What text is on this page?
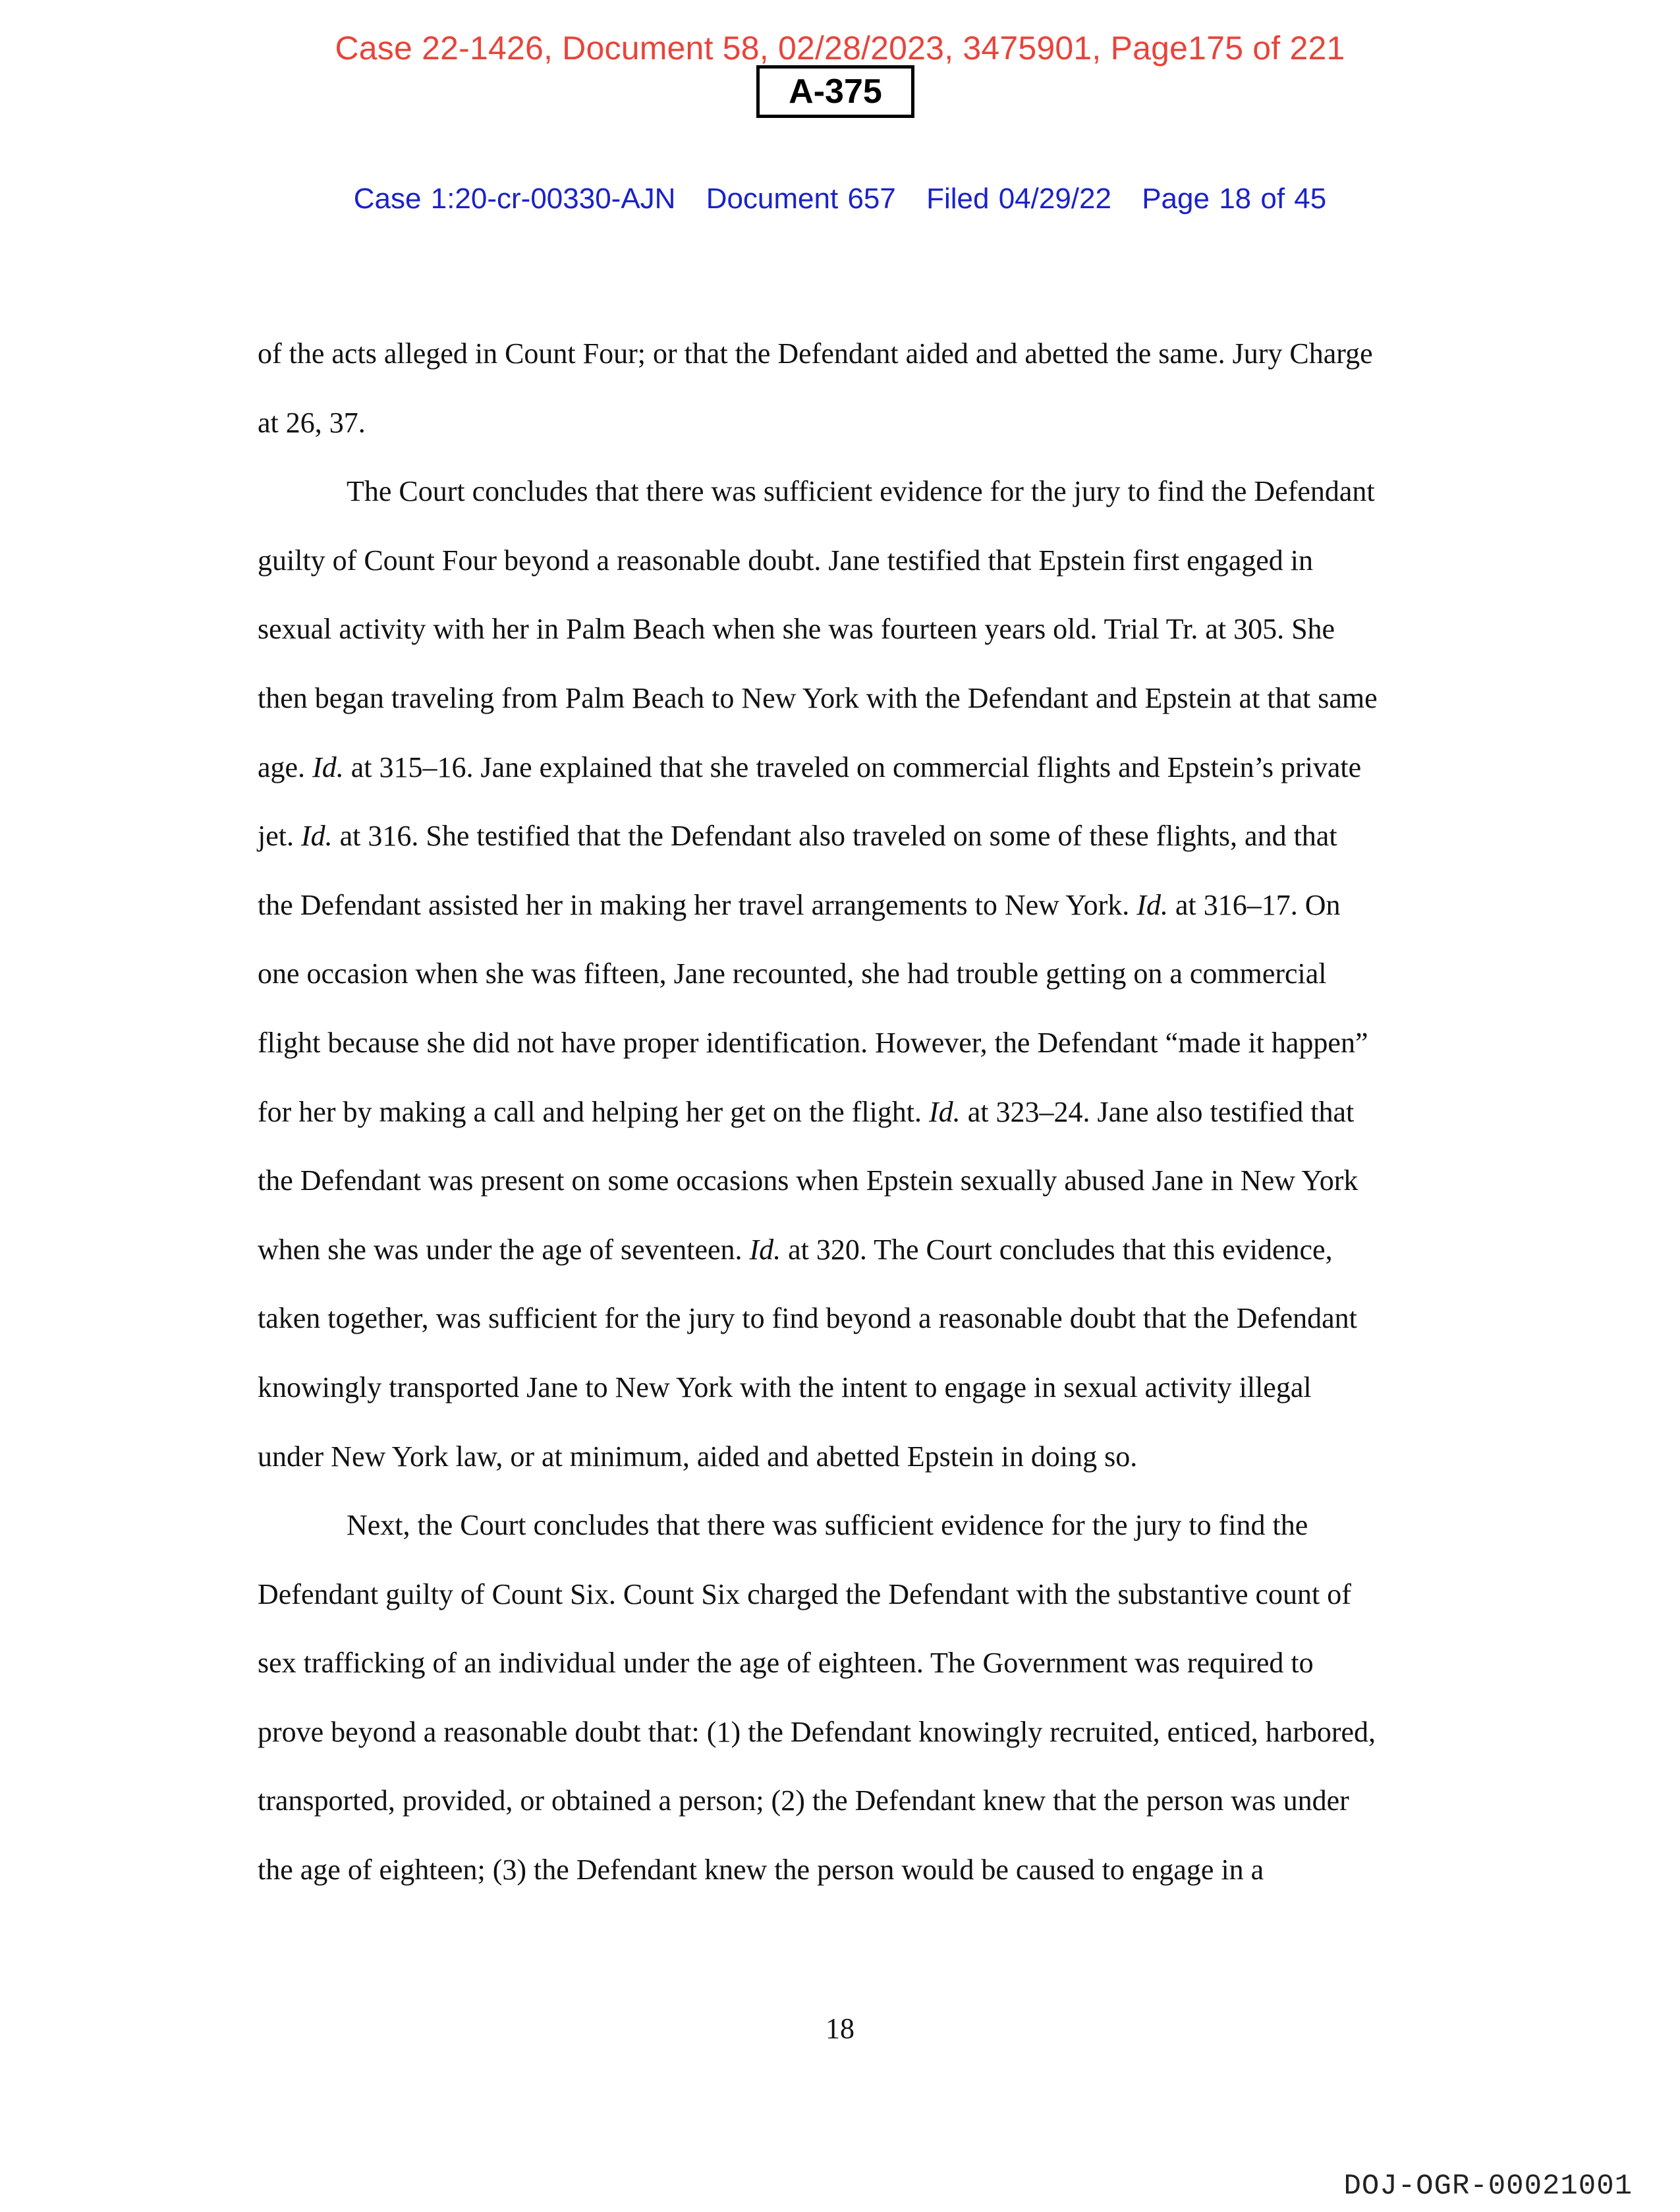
Case 22-1426, Document 58, 02/28/2023, 3475901, Page175 of 221
A-375
Case 1:20-cr-00330-AJN Document 657 Filed 04/29/22 Page 18 of 45
of the acts alleged in Count Four; or that the Defendant aided and abetted the same. Jury Charge
at 26, 37.
The Court concludes that there was sufficient evidence for the jury to find the Defendant
guilty of Count Four beyond a reasonable doubt. Jane testified that Epstein first engaged in
sexual activity with her in Palm Beach when she was fourteen years old. Trial Tr. at 305. She
then began traveling from Palm Beach to New York with the Defendant and Epstein at that same
age. Id. at 315–16. Jane explained that she traveled on commercial flights and Epstein’s private
jet. Id. at 316. She testified that the Defendant also traveled on some of these flights, and that
the Defendant assisted her in making her travel arrangements to New York. Id. at 316–17. On
one occasion when she was fifteen, Jane recounted, she had trouble getting on a commercial
flight because she did not have proper identification. However, the Defendant “made it happen”
for her by making a call and helping her get on the flight. Id. at 323–24. Jane also testified that
the Defendant was present on some occasions when Epstein sexually abused Jane in New York
when she was under the age of seventeen. Id. at 320. The Court concludes that this evidence,
taken together, was sufficient for the jury to find beyond a reasonable doubt that the Defendant
knowingly transported Jane to New York with the intent to engage in sexual activity illegal
under New York law, or at minimum, aided and abetted Epstein in doing so.
Next, the Court concludes that there was sufficient evidence for the jury to find the
Defendant guilty of Count Six. Count Six charged the Defendant with the substantive count of
sex trafficking of an individual under the age of eighteen. The Government was required to
prove beyond a reasonable doubt that: (1) the Defendant knowingly recruited, enticed, harbored,
transported, provided, or obtained a person; (2) the Defendant knew that the person was under
the age of eighteen; (3) the Defendant knew the person would be caused to engage in a
18
DOJ-OGR-00021001
